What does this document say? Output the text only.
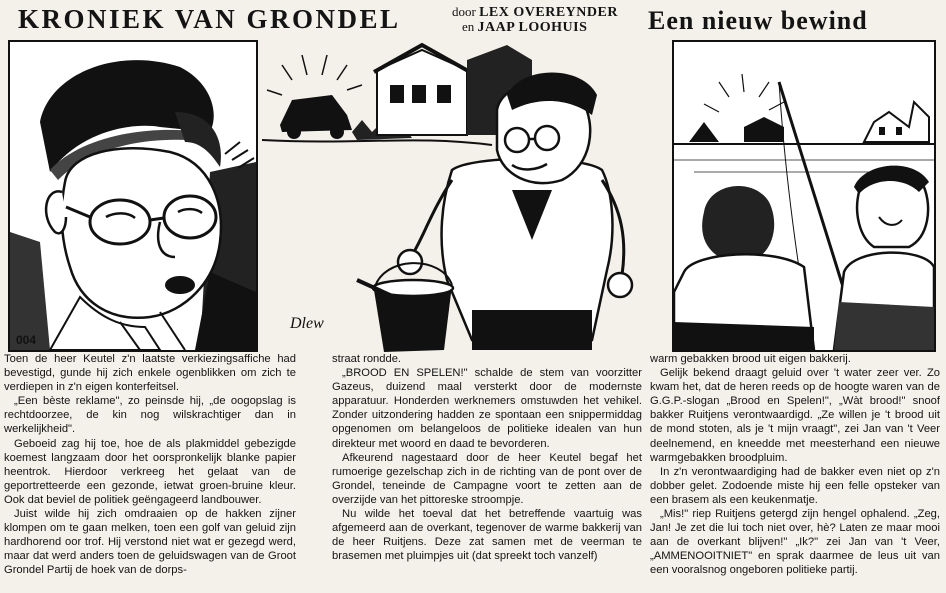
KRONIEK VAN GRONDEL	door LEX OVEREYNDER
en JAAP LOOHUIS	Een nieuw bewind
004
Dlew

Toen de heer Keutel z'n laatste verkiezingsaffiche had bevestigd, gunde hij zich enkele ogenblikken om zich te verdiepen in z'n eigen konterfeitsel.

„Een bèste reklame", zo peinsde hij, „de oogopslag is rechtdoorzee, de kin nog wilskrachtiger dan in werkelijkheid".

Geboeid zag hij toe, hoe de als plakmiddel gebezigde koemest langzaam door het oorspronkelijk blanke papier heentrok. Hierdoor verkreeg het gelaat van de geportretteerde een gezonde, ietwat groen-bruine kleur. Ook dat beviel de politiek geëngageerd landbouwer.

Juist wilde hij zich omdraaien op de hakken zijner klompen om te gaan melken, toen een golf van geluid zijn hardhorend oor trof. Hij verstond niet wat er gezegd werd, maar dat werd anders toen de geluidswagen van de Groot Grondel Partij de hoek van de dorps-

straat rondde.

„BROOD EN SPELEN!" schalde de stem van voorzitter Gazeus, duizend maal versterkt door de modernste apparatuur. Honderden werknemers omstuwden het vehikel. Zonder uitzondering hadden ze spontaan een snippermiddag opgenomen om belangeloos de politieke idealen van hun direkteur met woord en daad te bevorderen.

Afkeurend nagestaard door de heer Keutel begaf het rumoerige gezelschap zich in de richting van de pont over de Grondel, teneinde de Campagne voort te zetten aan de overzijde van het pittoreske stroompje.

Nu wilde het toeval dat het betreffende vaartuig was afgemeerd aan de overkant, tegenover de warme bakkerij van de heer Ruitjens. Deze zat samen met de veerman te brasemen met pluimpjes uit (dat spreekt toch vanzelf)

warm gebakken brood uit eigen bakkerij.

Gelijk bekend draagt geluid over 't water zeer ver. Zo kwam het, dat de heren reeds op de hoogte waren van de G.G.P.-slogan „Brood en Spelen!", „Wàt brood!" snoof bakker Ruitjens verontwaardigd. „Ze willen je 't brood uit de mond stoten, als je 't mijn vraagt", zei Jan van 't Veer deelnemend, en kneedde met meesterhand een nieuwe warmgebakken broodpluim.

In z'n verontwaardiging had de bakker even niet op z'n dobber gelet. Zodoende miste hij een felle opsteker van een brasem als een keukenmatje.

„Mis!" riep Ruitjens getergd zijn hengel ophalend. „Zeg, Jan! Je zet die lui toch niet over, hè? Laten ze maar mooi aan de overkant blijven!" „Ik?" zei Jan van 't Veer, „AMMENOOITNIET" en sprak daarmee de leus uit van een vooralsnog ongeboren politieke partij.
